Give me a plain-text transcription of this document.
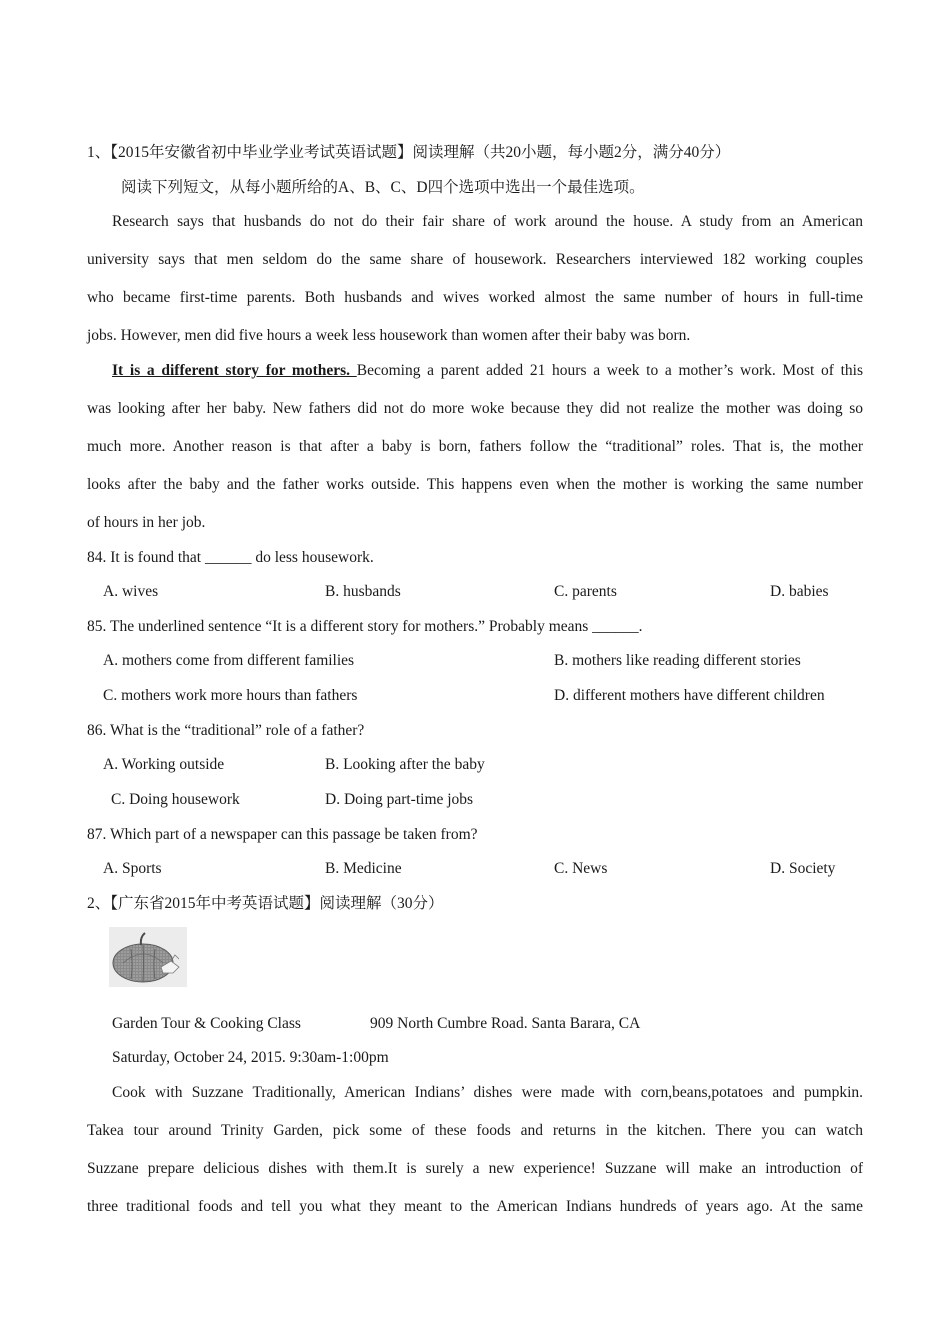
1、【2015年安徽省初中毕业学业考试英语试题】阅读理解（共20小题，每小题2分，满分40分）
阅读下列短文，从每小题所给的A、B、C、D四个选项中选出一个最佳选项。
Research says that husbands do not do their fair share of work around the house. A study from an American
university says that men seldom do the same share of housework. Researchers interviewed 182 working couples
who became first-time parents. Both husbands and wives worked almost the same number of hours in full-time
jobs. However, men did five hours a week less housework than women after their baby was born.
It is a different story for mothers. Becoming a parent added 21 hours a week to a mother’s work. Most of this
was looking after her baby. New fathers did not do more woke because they did not realize the mother was doing so
much more. Another reason is that after a baby is born, fathers follow the “traditional” roles. That is, the mother
looks after the baby and the father works outside. This happens even when the mother is working the same number
of hours in her job.
84. It is found that ______ do less housework.
A. wives	B. husbands	C. parents	D. babies
85. The underlined sentence “It is a different story for mothers.” Probably means ______.
A. mothers come from different families	B. mothers like reading different stories
C. mothers work more hours than fathers	D. different mothers have different children
86. What is the “traditional” role of a father?
A. Working outside	B. Looking after the baby
C. Doing housework	D. Doing part-time jobs
87. Which part of a newspaper can this passage be taken from?
A. Sports	B. Medicine	C. News	D. Society
2、【广东省2015年中考英语试题】阅读理解（30分）
Garden Tour & Cooking Class	909 North Cumbre Road. Santa Barara, CA
Saturday, October 24, 2015. 9:30am-1:00pm
Cook with Suzzane Traditionally, American Indians’ dishes were made with corn,beans,potatoes and pumpkin.
Takea tour around Trinity Garden, pick some of these foods and returns in the kitchen. There you can watch
Suzzane prepare delicious dishes with them.It is surely a new experience! Suzzane will make an introduction of
three traditional foods and tell you what they meant to the American Indians hundreds of years ago. At the same
